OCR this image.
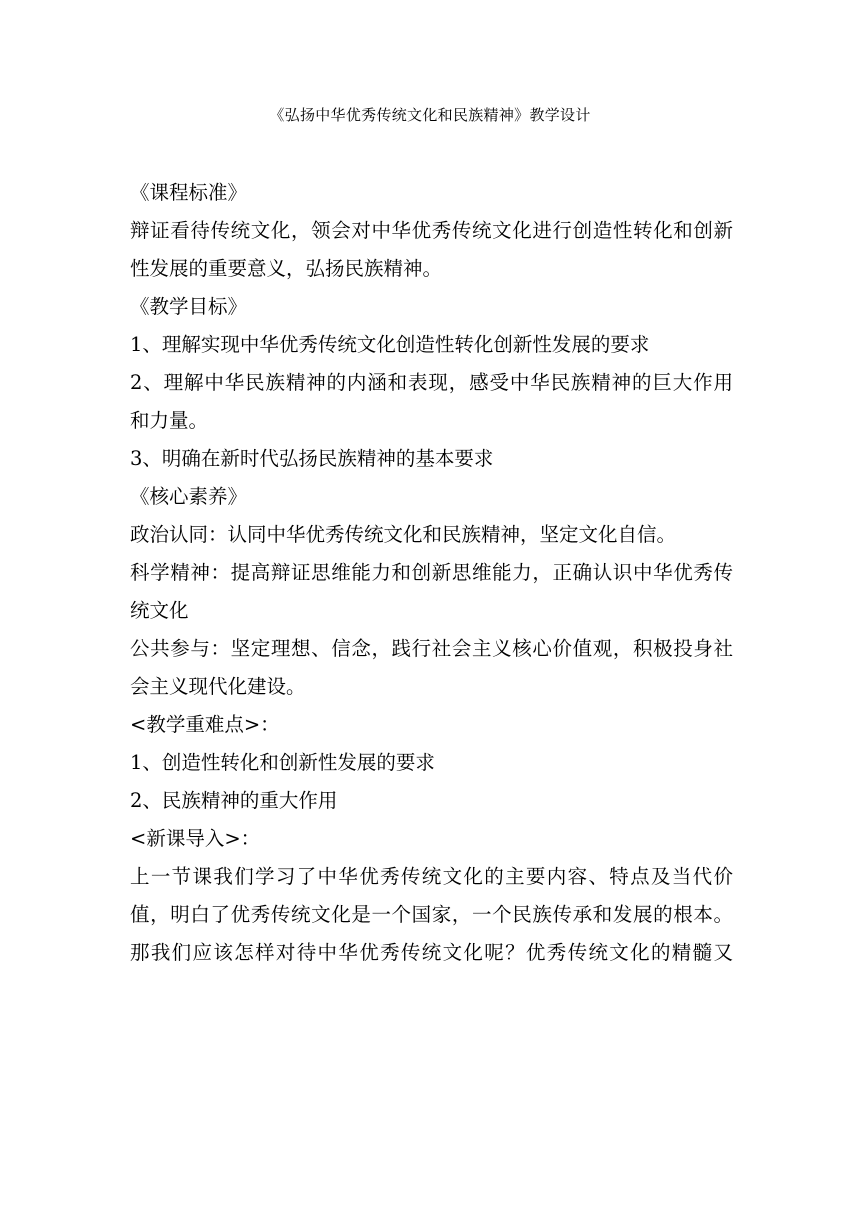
《弘扬中华优秀传统文化和民族精神》教学设计
《课程标准》
辩证看待传统文化，领会对中华优秀传统文化进行创造性转化和创新
性发展的重要意义，弘扬民族精神。
《教学目标》
1、理解实现中华优秀传统文化创造性转化创新性发展的要求
2、理解中华民族精神的内涵和表现，感受中华民族精神的巨大作用
和力量。
3、明确在新时代弘扬民族精神的基本要求
《核心素养》
政治认同：认同中华优秀传统文化和民族精神，坚定文化自信。
科学精神：提高辩证思维能力和创新思维能力，正确认识中华优秀传
统文化
公共参与：坚定理想、信念，践行社会主义核心价值观，积极投身社
会主义现代化建设。
<教学重难点>：
1、创造性转化和创新性发展的要求
2、民族精神的重大作用
<新课导入>：
上一节课我们学习了中华优秀传统文化的主要内容、特点及当代价
值，明白了优秀传统文化是一个国家，一个民族传承和发展的根本。
那我们应该怎样对待中华优秀传统文化呢？优秀传统文化的精髓又
